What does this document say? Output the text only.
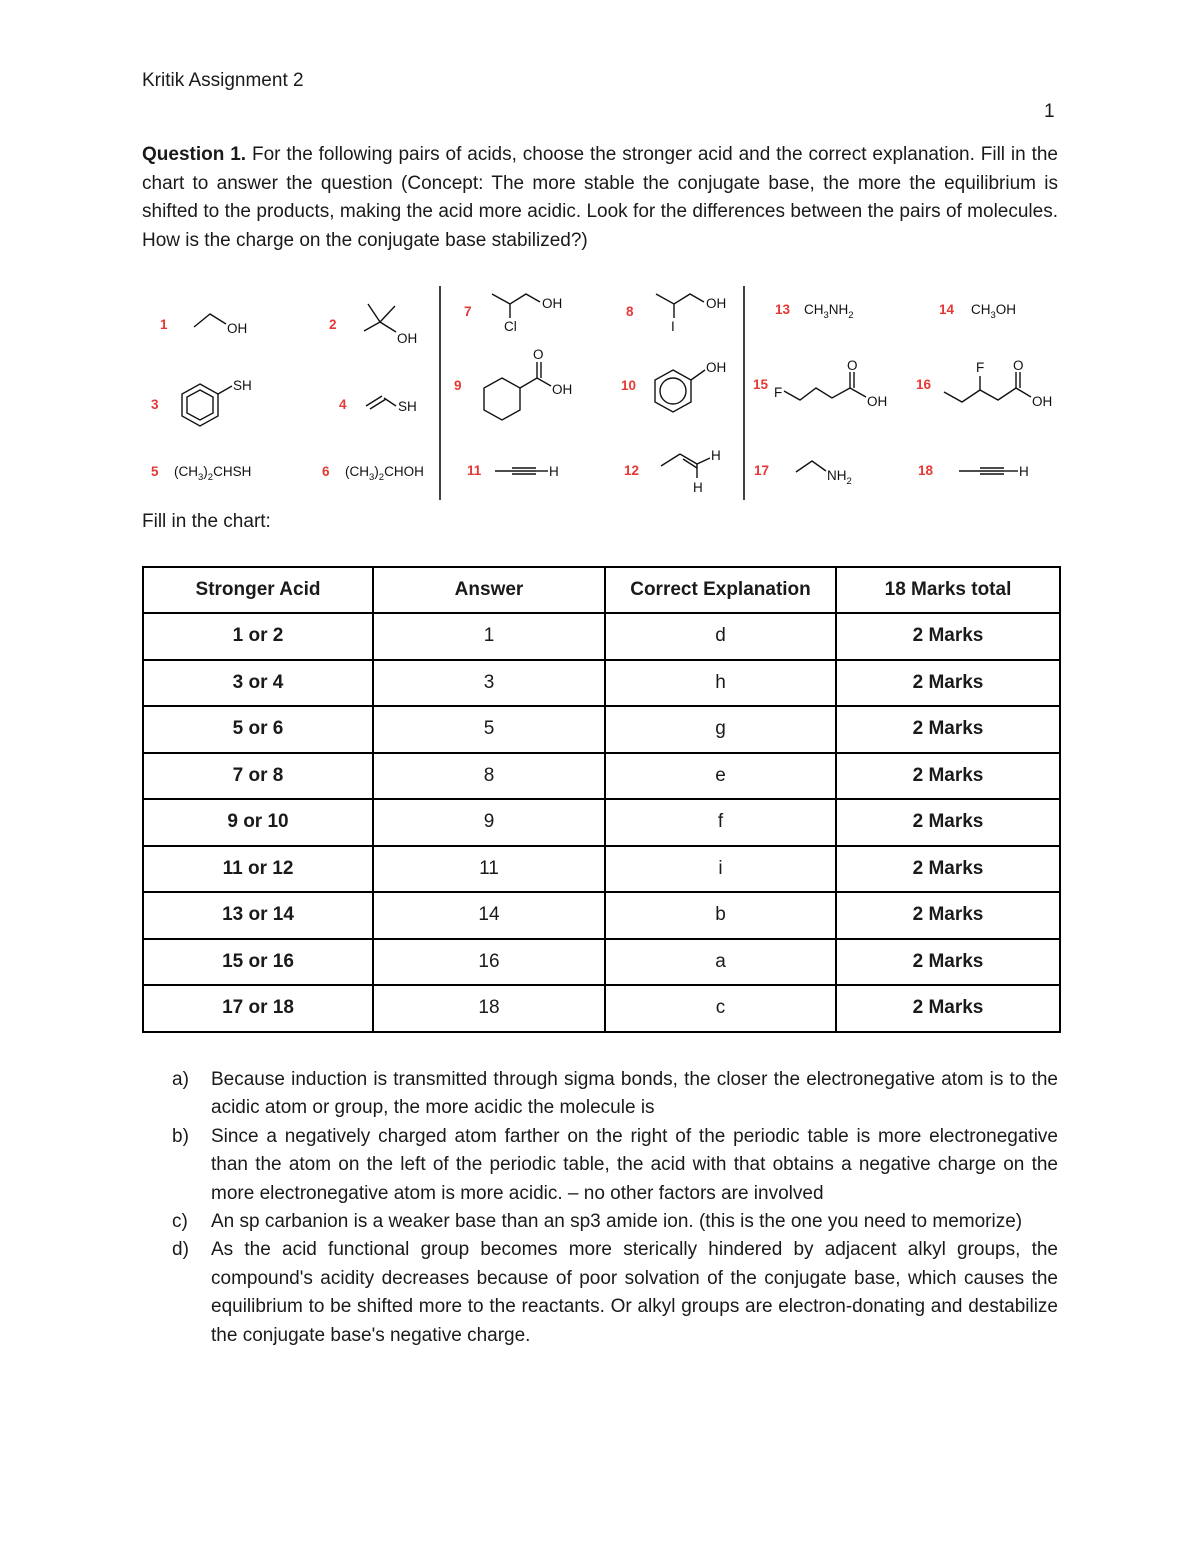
Kritik Assignment 2
1
Question 1. For the following pairs of acids, choose the stronger acid and the correct explanation. Fill in the chart to answer the question (Concept: The more stable the conjugate base, the more the equilibrium is shifted to the products, making the acid more acidic. Look for the differences between the pairs of molecules. How is the charge on the conjugate base stabilized?)
1	OH	2
OH
3
SH
4	SH
5 $(CH_3)_2CHSH$	6 $(CH_3)_2CHOH$
7
OH
Cl
8
OH
I
9
O
OH	10
OH
11	H	12
H
H
13 $CH_3NH_2$	14 $CH_3OH$
15
F
O
OH
16
F O
OH
17	$NH_2$
18	H
Fill in the chart:
Stronger Acid	Answer	Correct Explanation	18 Marks total
1 or 2	1	d	2 Marks
3 or 4	3	h	2 Marks
5 or 6	5	g	2 Marks
7 or 8	8	e	2 Marks
9 or 10	9	f	2 Marks
11 or 12	11	i	2 Marks
13 or 14	14	b	2 Marks
15 or 16	16	a	2 Marks
17 or 18	18	c	2 Marks
a)	Because induction is transmitted through sigma bonds, the closer the electronegative atom is to the acidic atom or group, the more acidic the molecule is
b)	Since a negatively charged atom farther on the right of the periodic table is more electronegative than the atom on the left of the periodic table, the acid with that obtains a negative charge on the more electronegative atom is more acidic. – no other factors are involved
c)	An sp carbanion is a weaker base than an sp3 amide ion. (this is the one you need to memorize)
d)	As the acid functional group becomes more sterically hindered by adjacent alkyl groups, the compound's acidity decreases because of poor solvation of the conjugate base, which causes the equilibrium to be shifted more to the reactants. Or alkyl groups are electron-donating and destabilize the conjugate base's negative charge.
